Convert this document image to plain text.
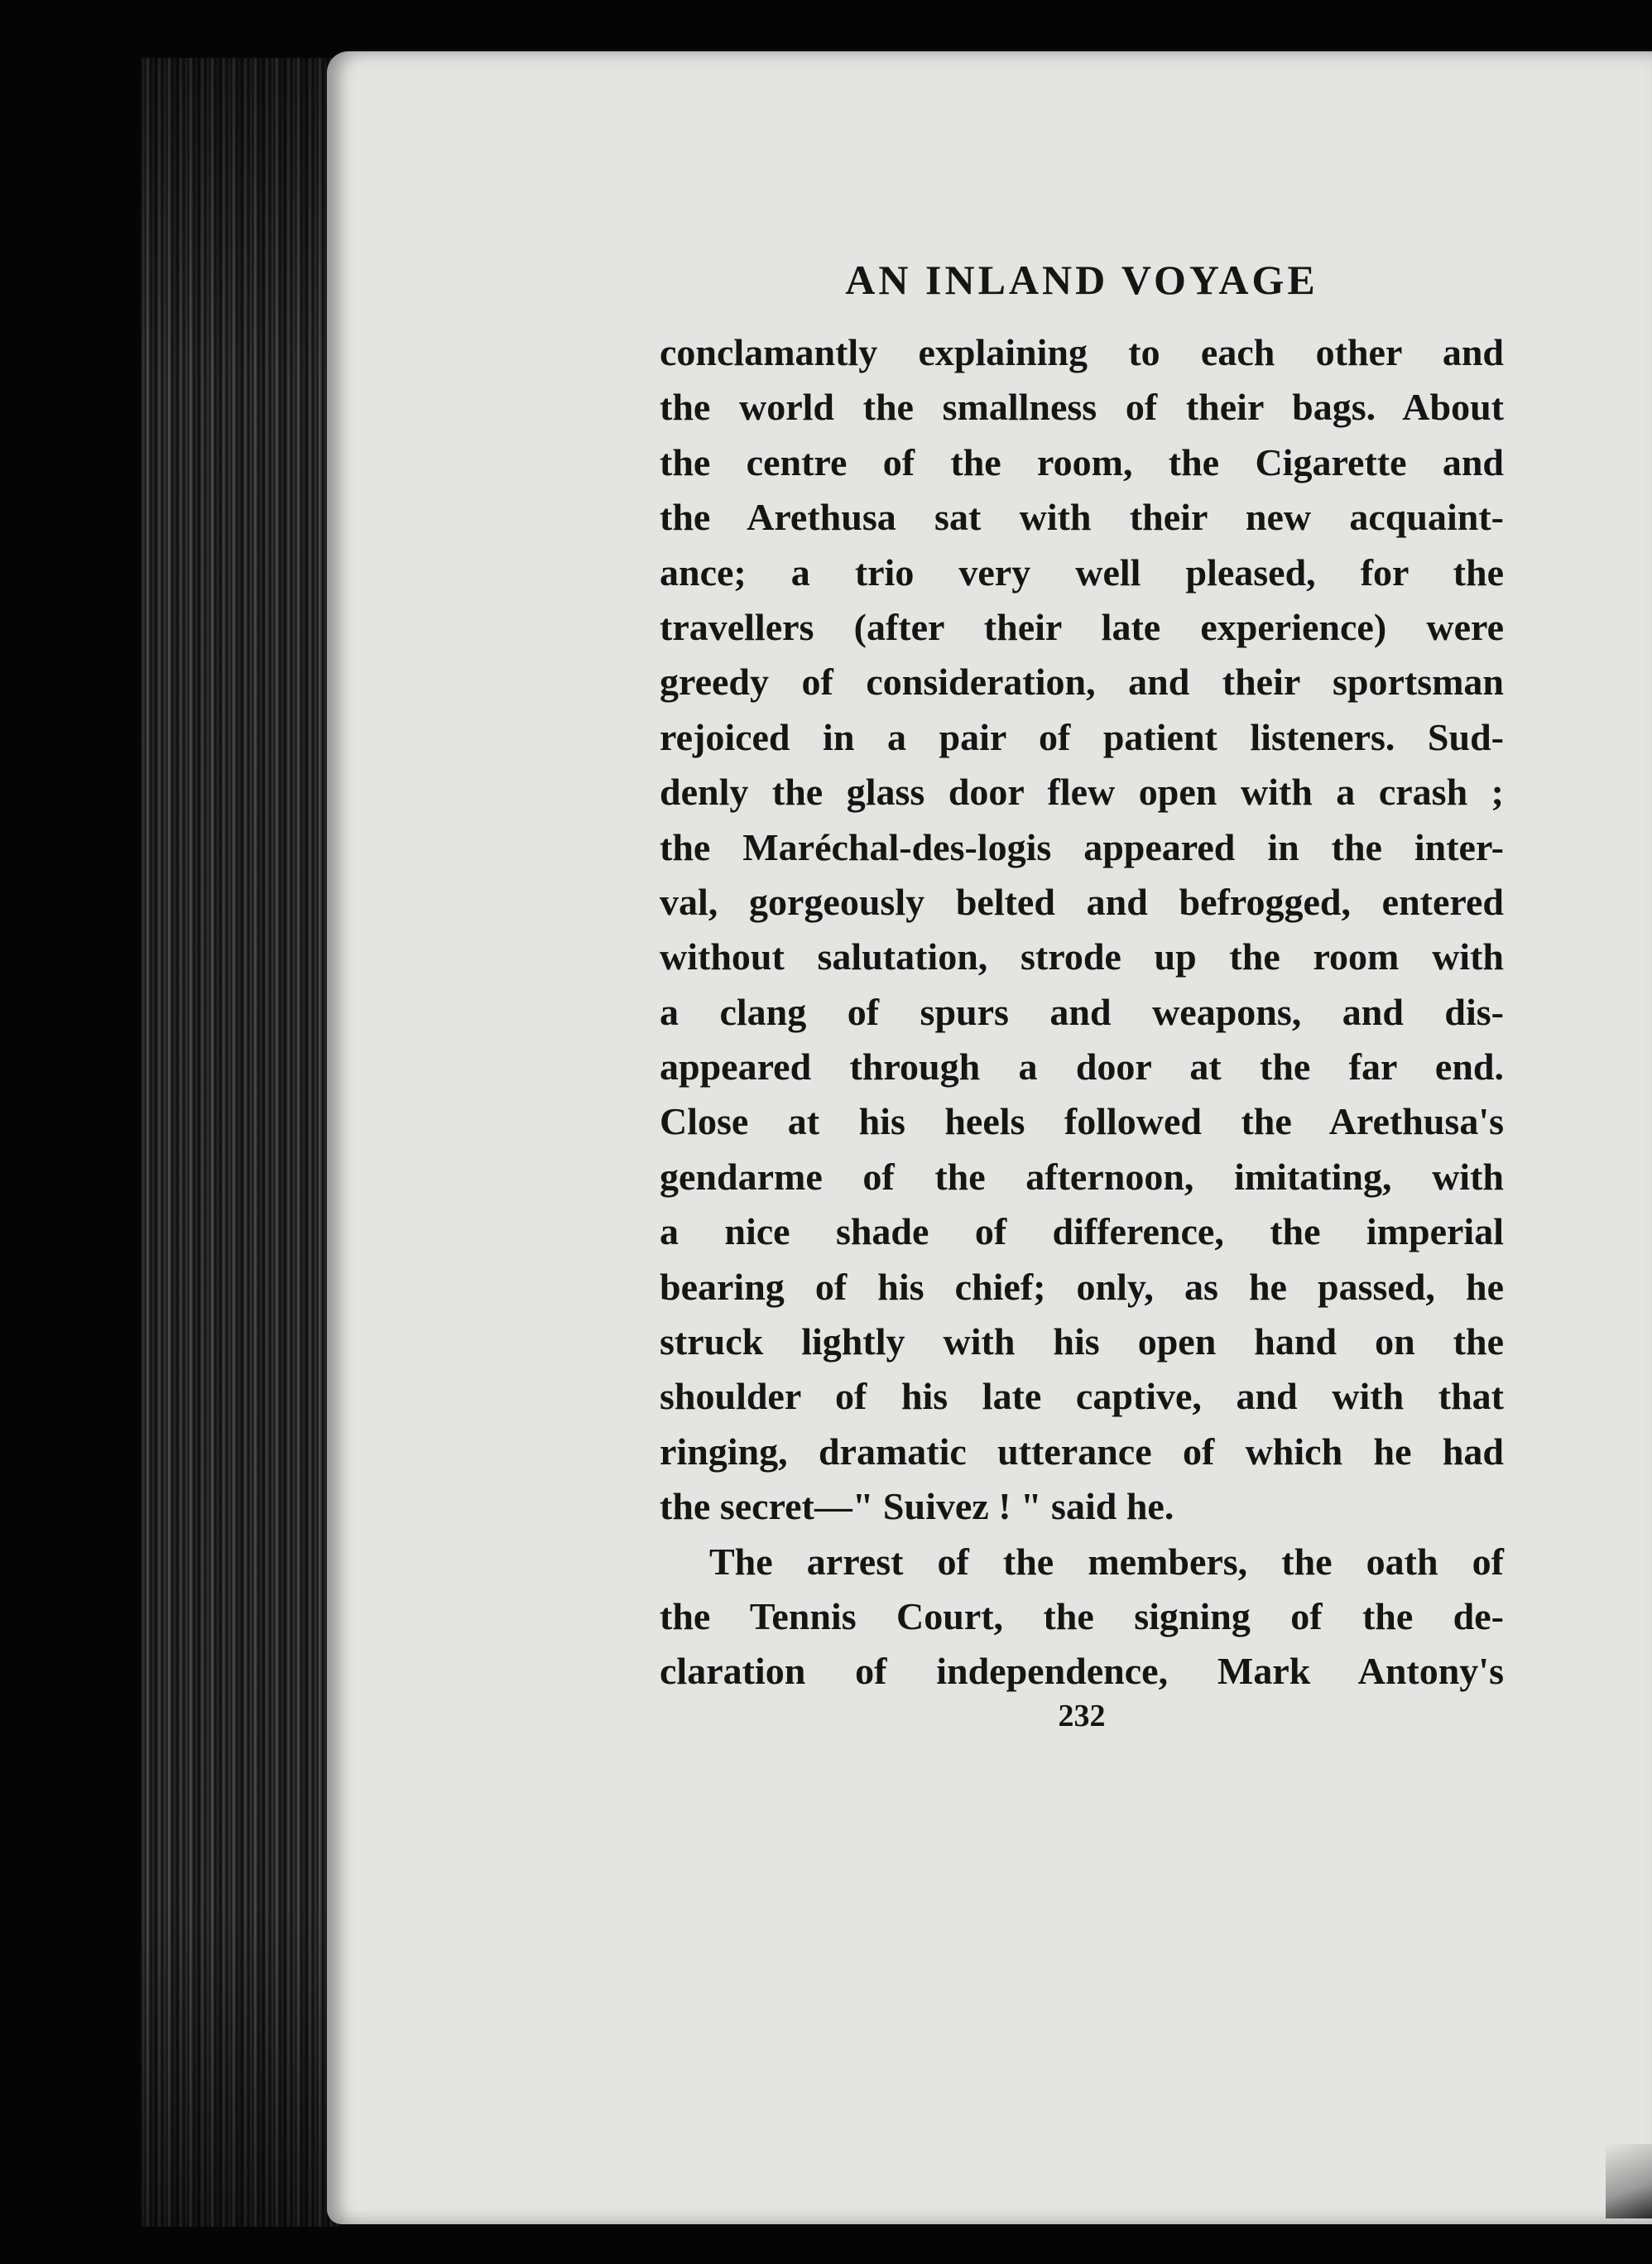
AN INLAND VOYAGE
conclamantly explaining to each other and
the world the smallness of their bags. About
the centre of the room, the Cigarette and
the Arethusa sat with their new acquaint-
ance; a trio very well pleased, for the
travellers (after their late experience) were
greedy of consideration, and their sportsman
rejoiced in a pair of patient listeners. Sud-
denly the glass door flew open with a crash ;
the Maréchal-des-logis appeared in the inter-
val, gorgeously belted and befrogged, entered
without salutation, strode up the room with
a clang of spurs and weapons, and dis-
appeared through a door at the far end.
Close at his heels followed the Arethusa's
gendarme of the afternoon, imitating, with
a nice shade of difference, the imperial
bearing of his chief; only, as he passed, he
struck lightly with his open hand on the
shoulder of his late captive, and with that
ringing, dramatic utterance of which he had
the secret—" Suivez ! " said he.
The arrest of the members, the oath of
the Tennis Court, the signing of the de-
claration of independence, Mark Antony's
232
